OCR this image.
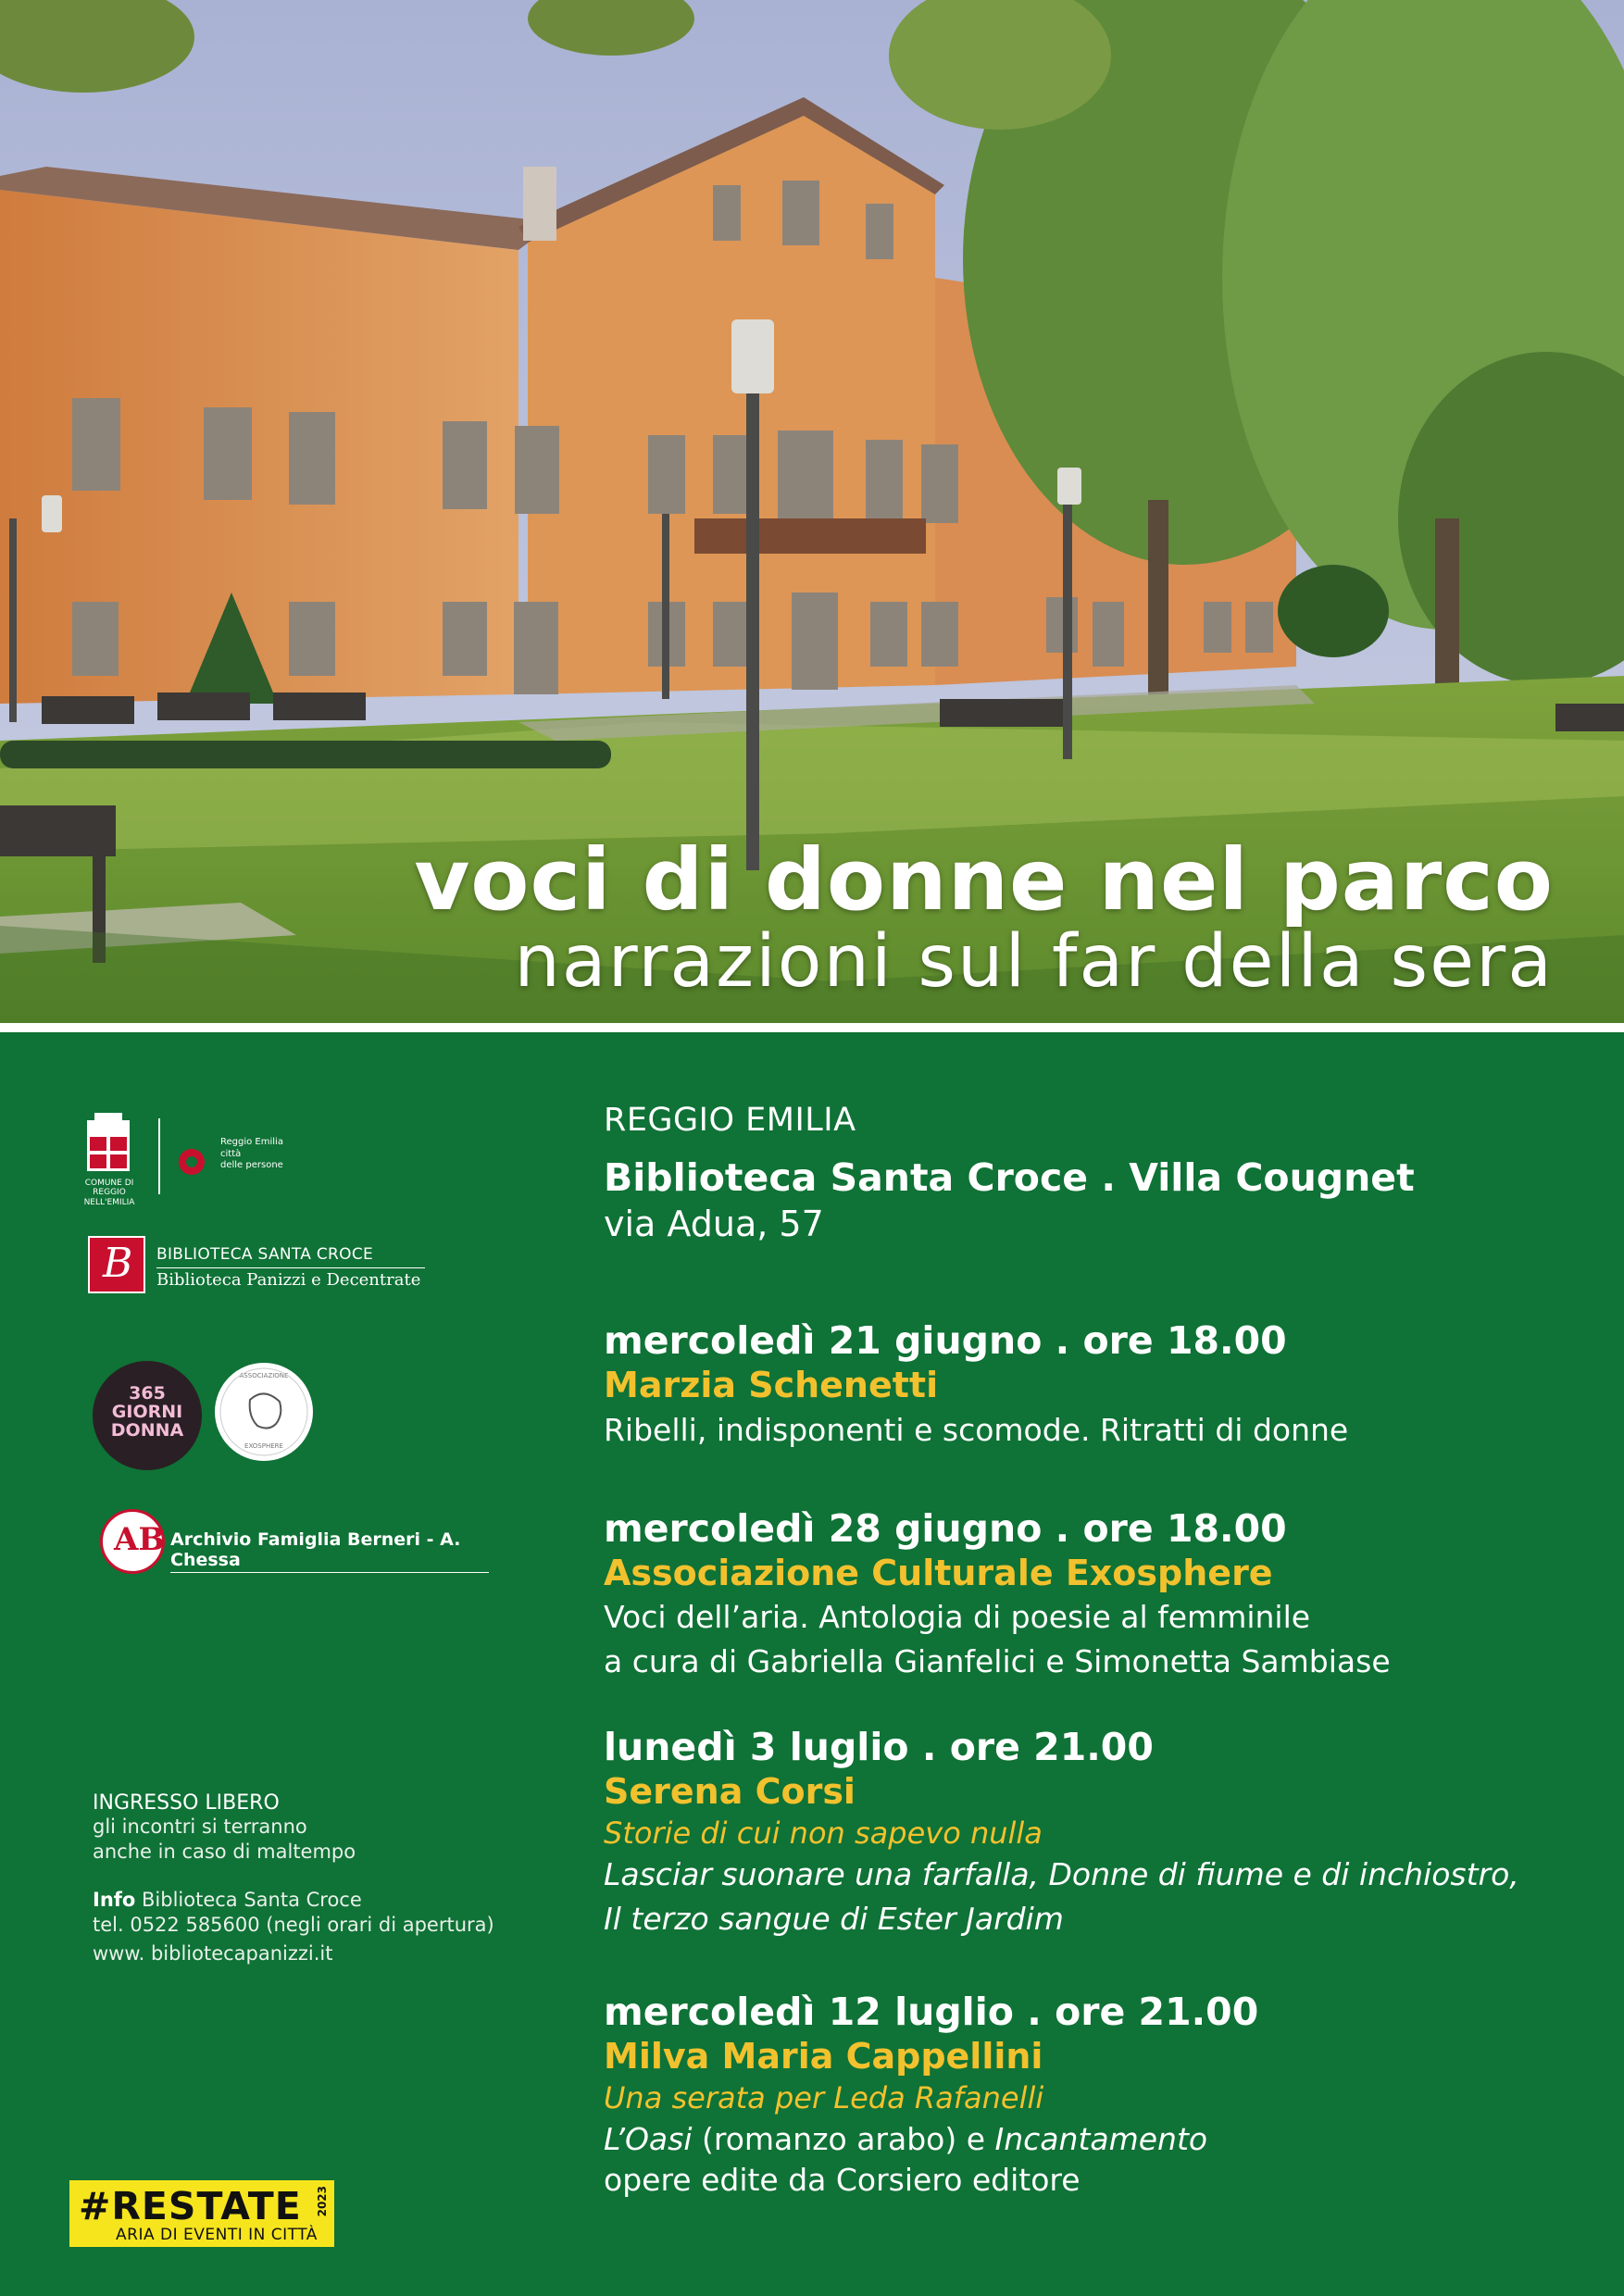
voci di donne nel parco
narrazioni sul far della sera
COMUNE DI
REGGIO NELL'EMILIA
Reggio Emilia
città
delle persone
B BIBLIOTECA SANTA CROCE
Biblioteca Panizzi e Decentrate
365
GIORNI
DONNA
ASSOCIAZIONE
EXOSPHERE
AB Archivio Famiglia Berneri - A. Chessa
INGRESSO LIBERO
gli incontri si terranno
anche in caso di maltempo
Info Biblioteca Santa Croce
tel. 0522 585600 (negli orari di apertura)
www. bibliotecapanizzi.it
#RESTATE 2023
ARIA DI EVENTI IN CITTÀ
REGGIO EMILIA
Biblioteca Santa Croce . Villa Cougnet
via Adua, 57
mercoledì 21 giugno . ore 18.00
Marzia Schenetti
Ribelli, indisponenti e scomode. Ritratti di donne
mercoledì 28 giugno . ore 18.00
Associazione Culturale Exosphere
Voci dell’aria. Antologia di poesie al femminile
a cura di Gabriella Gianfelici e Simonetta Sambiase
lunedì 3 luglio . ore 21.00
Serena Corsi
Storie di cui non sapevo nulla
Lasciar suonare una farfalla, Donne di fiume e di inchiostro,
Il terzo sangue di Ester Jardim
mercoledì 12 luglio . ore 21.00
Milva Maria Cappellini
Una serata per Leda Rafanelli
L’Oasi (romanzo arabo) e Incantamento
opere edite da Corsiero editore
